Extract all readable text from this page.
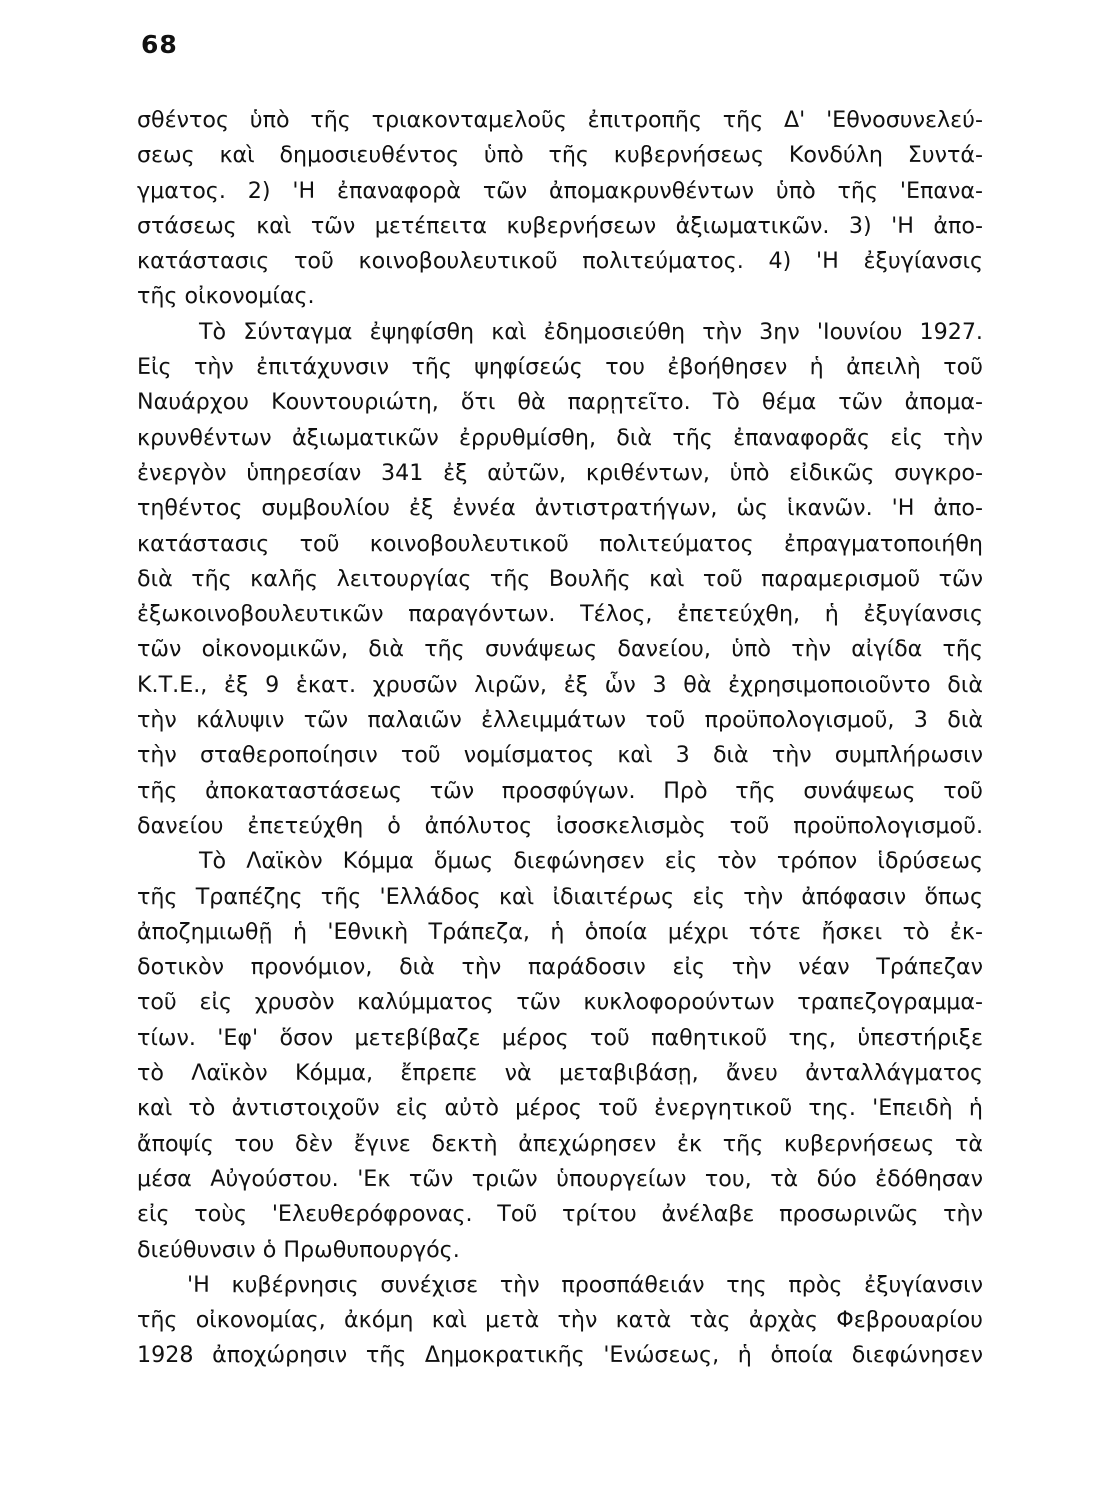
68
σθέντος ὑπὸ τῆς τριακονταμελοῦς ἐπιτροπῆς τῆς Δ' 'Εθνοσυνελεύ-
σεως καὶ δημοσιευθέντος ὑπὸ τῆς κυβερνήσεως Κονδύλη Συντά-
γματος. 2) 'Η ἐπαναφορὰ τῶν ἀπομακρυνθέντων ὑπὸ τῆς 'Επανα-
στάσεως καὶ τῶν μετέπειτα κυβερνήσεων ἀξιωματικῶν. 3) 'Η ἀπο-
κατάστασις τοῦ κοινοβουλευτικοῦ πολιτεύματος. 4) 'Η ἐξυγίανσις
τῆς οἰκονομίας.
Τὸ Σύνταγμα ἐψηφίσθη καὶ ἐδημοσιεύθη τὴν 3ην 'Ιουνίου 1927.
Εἰς τὴν ἐπιτάχυνσιν τῆς ψηφίσεώς του ἐβοήθησεν ἡ ἀπειλὴ τοῦ
Ναυάρχου Κουντουριώτη, ὅτι θὰ παρῃτεῖτο. Τὸ θέμα τῶν ἀπομα-
κρυνθέντων ἀξιωματικῶν ἐρρυθμίσθη, διὰ τῆς ἐπαναφορᾶς εἰς τὴν
ἐνεργὸν ὑπηρεσίαν 341 ἐξ αὐτῶν, κριθέντων, ὑπὸ εἰδικῶς συγκρο-
τηθέντος συμβουλίου ἐξ ἐννέα ἀντιστρατήγων, ὡς ἱκανῶν. 'Η ἀπο-
κατάστασις τοῦ κοινοβουλευτικοῦ πολιτεύματος ἐπραγματοποιήθη
διὰ τῆς καλῆς λειτουργίας τῆς Βουλῆς καὶ τοῦ παραμερισμοῦ τῶν
ἐξωκοινοβουλευτικῶν παραγόντων. Τέλος, ἐπετεύχθη, ἡ ἐξυγίανσις
τῶν οἰκονομικῶν, διὰ τῆς συνάψεως δανείου, ὑπὸ τὴν αἰγίδα τῆς
Κ.Τ.Ε., ἐξ 9 ἑκατ. χρυσῶν λιρῶν, ἐξ ὧν 3 θὰ ἐχρησιμοποιοῦντο διὰ
τὴν κάλυψιν τῶν παλαιῶν ἐλλειμμάτων τοῦ προϋπολογισμοῦ, 3 διὰ
τὴν σταθεροποίησιν τοῦ νομίσματος καὶ 3 διὰ τὴν συμπλήρωσιν
τῆς ἀποκαταστάσεως τῶν προσφύγων. Πρὸ τῆς συνάψεως τοῦ
δανείου ἐπετεύχθη ὁ ἀπόλυτος ἰσοσκελισμὸς τοῦ προϋπολογισμοῦ.
Τὸ Λαϊκὸν Κόμμα ὅμως διεφώνησεν εἰς τὸν τρόπον ἱδρύσεως
τῆς Τραπέζης τῆς 'Ελλάδος καὶ ἰδιαιτέρως εἰς τὴν ἀπόφασιν ὅπως
ἀποζημιωθῇ ἡ 'Εθνικὴ Τράπεζα, ἡ ὁποία μέχρι τότε ἤσκει τὸ ἐκ-
δοτικὸν προνόμιον, διὰ τὴν παράδοσιν εἰς τὴν νέαν Τράπεζαν
τοῦ εἰς χρυσὸν καλύμματος τῶν κυκλοφορούντων τραπεζογραμμα-
τίων. 'Εφ' ὅσον μετεβίβαζε μέρος τοῦ παθητικοῦ της, ὑπεστήριξε
τὸ Λαϊκὸν Κόμμα, ἔπρεπε νὰ μεταβιβάσῃ, ἄνευ ἀνταλλάγματος
καὶ τὸ ἀντιστοιχοῦν εἰς αὐτὸ μέρος τοῦ ἐνεργητικοῦ της. 'Επειδὴ ἡ
ἄποψίς του δὲν ἔγινε δεκτὴ ἀπεχώρησεν ἐκ τῆς κυβερνήσεως τὰ
μέσα Αὐγούστου. 'Εκ τῶν τριῶν ὑπουργείων του, τὰ δύο ἐδόθησαν
εἰς τοὺς 'Ελευθερόφρονας. Τοῦ τρίτου ἀνέλαβε προσωρινῶς τὴν
διεύθυνσιν ὁ Πρωθυπουργός.
'Η κυβέρνησις συνέχισε τὴν προσπάθειάν της πρὸς ἐξυγίανσιν
τῆς οἰκονομίας, ἀκόμη καὶ μετὰ τὴν κατὰ τὰς ἀρχὰς Φεβρουαρίου
1928 ἀποχώρησιν τῆς Δημοκρατικῆς 'Ενώσεως, ἡ ὁποία διεφώνησεν
